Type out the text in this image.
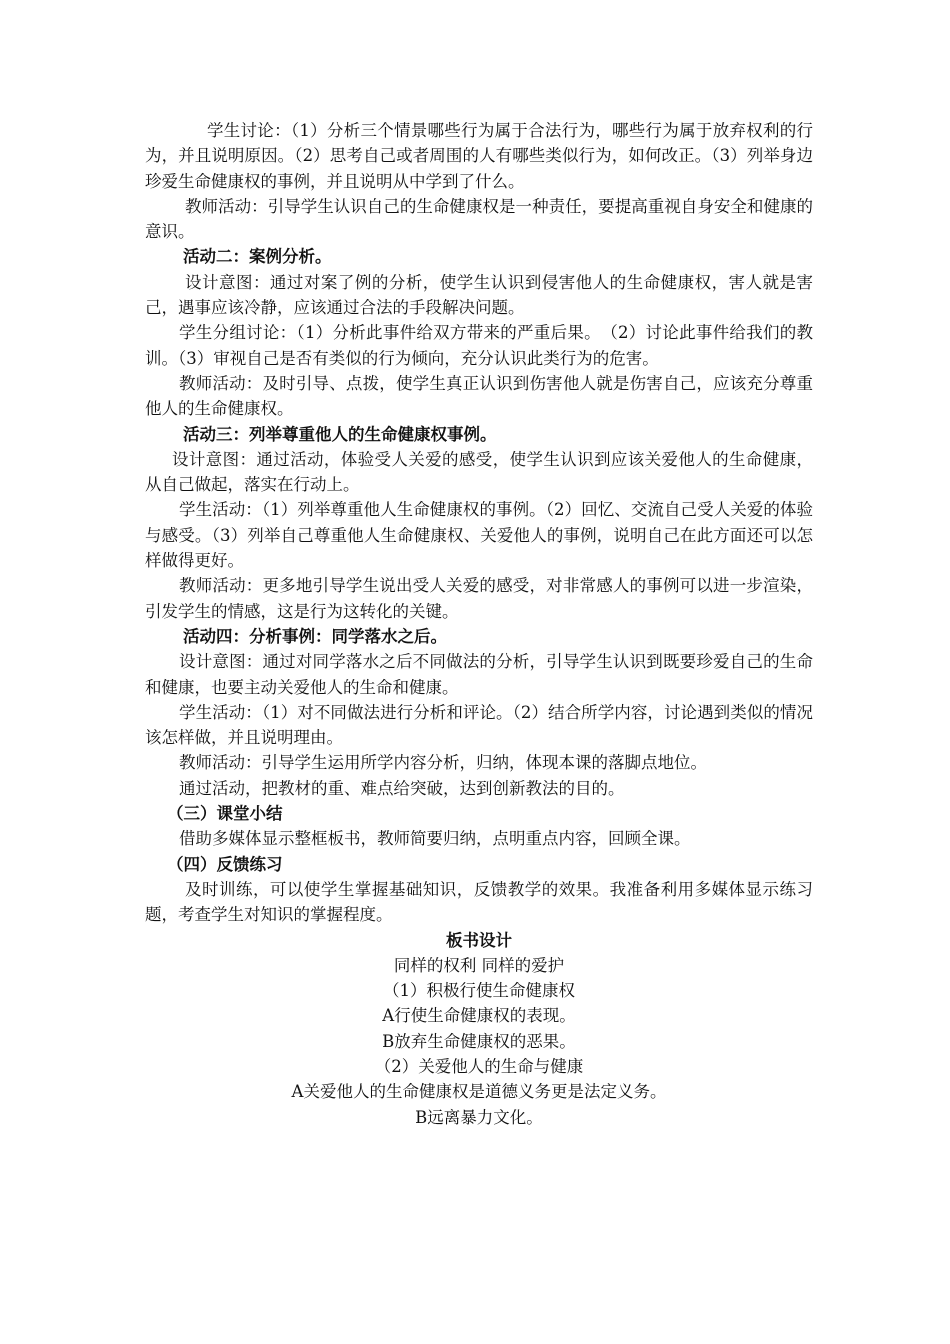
学生讨论：（1）分析三个情景哪些行为属于合法行为，哪些行为属于放弃权利的行为，并且说明原因。（2）思考自己或者周围的人有哪些类似行为，如何改正。（3）列举身边珍爱生命健康权的事例，并且说明从中学到了什么。

教师活动：引导学生认识自己的生命健康权是一种责任，要提高重视自身安全和健康的意识。

活动二：案例分析。

设计意图：通过对案了例的分析，使学生认识到侵害他人的生命健康权，害人就是害己，遇事应该冷静，应该通过合法的手段解决问题。

学生分组讨论：（1）分析此事件给双方带来的严重后果。　（2）讨论此事件给我们的教训。（3）审视自己是否有类似的行为倾向，充分认识此类行为的危害。

教师活动：及时引导、点拨，使学生真正认识到伤害他人就是伤害自己，应该充分尊重他人的生命健康权。

活动三：列举尊重他人的生命健康权事例。

设计意图：通过活动，体验受人关爱的感受，使学生认识到应该关爱他人的生命健康，从自己做起，落实在行动上。

学生活动：（1）列举尊重他人生命健康权的事例。（2）回忆、交流自己受人关爱的体验与感受。（3）列举自己尊重他人生命健康权、关爱他人的事例，说明自己在此方面还可以怎样做得更好。

教师活动：更多地引导学生说出受人关爱的感受，对非常感人的事例可以进一步渲染，引发学生的情感，这是行为这转化的关键。

活动四：分析事例：同学落水之后。

设计意图：通过对同学落水之后不同做法的分析，引导学生认识到既要珍爱自己的生命和健康，也要主动关爱他人的生命和健康。

学生活动：（1）对不同做法进行分析和评论。（2）结合所学内容，讨论遇到类似的情况该怎样做，并且说明理由。

教师活动：引导学生运用所学内容分析，归纳，体现本课的落脚点地位。

通过活动，把教材的重、难点给突破，达到创新教法的目的。

（三）课堂小结

借助多媒体显示整框板书，教师简要归纳，点明重点内容，回顾全课。

（四）反馈练习

及时训练，可以使学生掌握基础知识，反馈教学的效果。我准备利用多媒体显示练习题，考查学生对知识的掌握程度。

板书设计

同样的权利 同样的爱护

（1）积极行使生命健康权

A行使生命健康权的表现。

B放弃生命健康权的恶果。

（2）关爱他人的生命与健康

A关爱他人的生命健康权是道德义务更是法定义务。

B远离暴力文化。
